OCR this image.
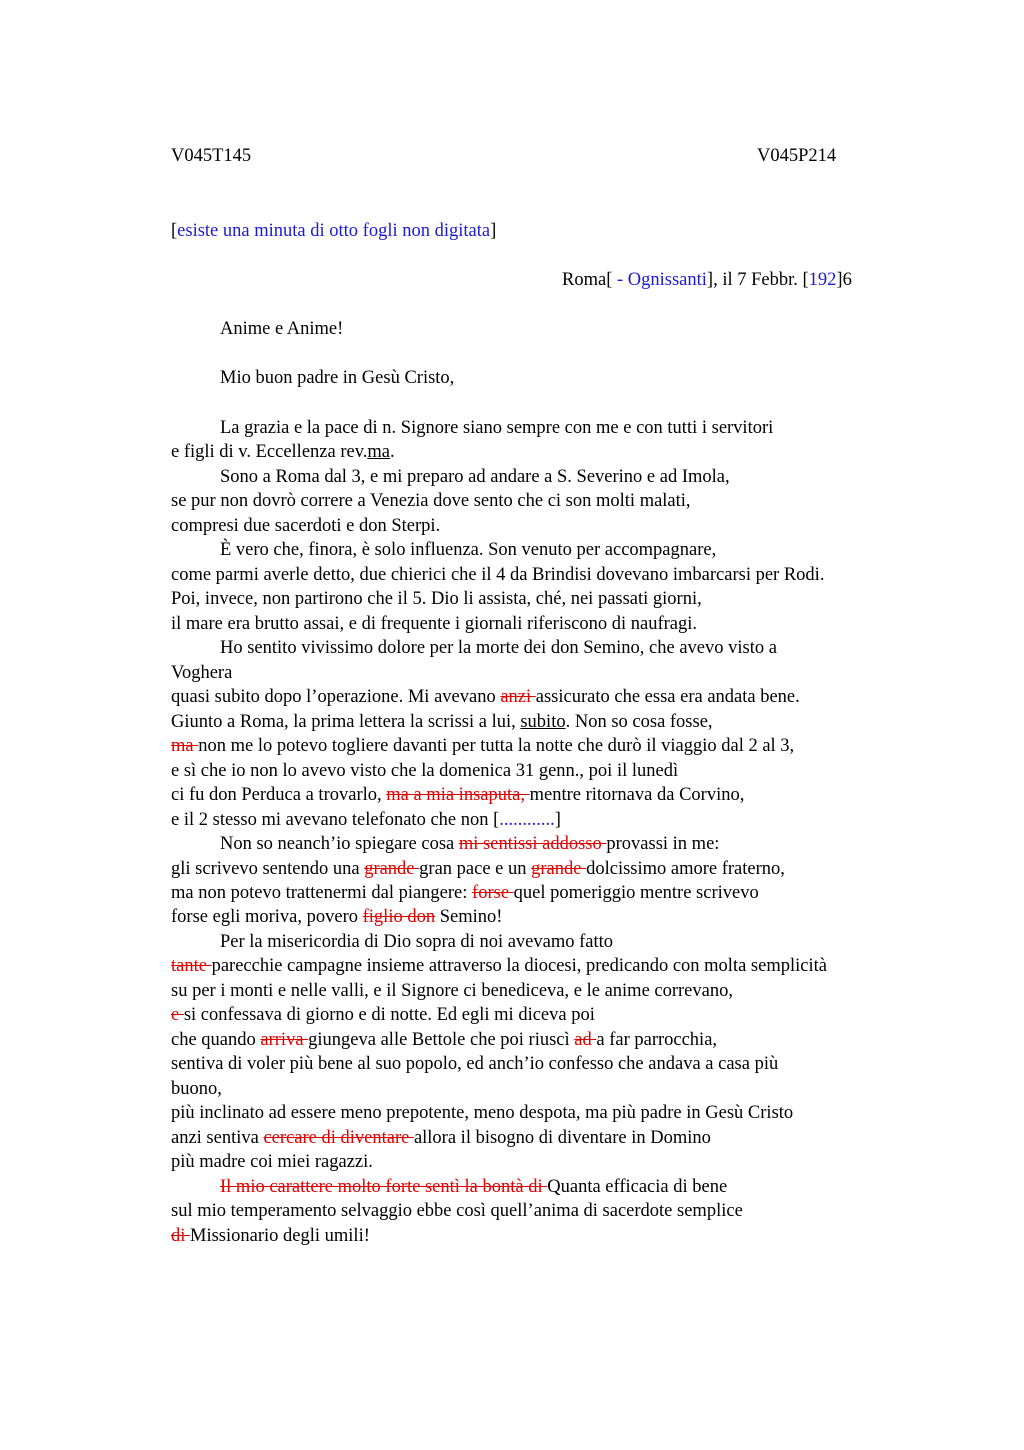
V045T145	V045P214
[esiste una minuta di otto fogli non digitata]
Roma[ - Ognissanti], il 7 Febbr. [192]6
Anime e Anime!
Mio buon padre in Gesù Cristo,
La grazia e la pace di n. Signore siano sempre con me e con tutti i servitori
e figli di v. Eccellenza rev.ma.
Sono a Roma dal 3, e mi preparo ad andare a S. Severino e ad Imola,
se pur non dovrò correre a Venezia dove sento che ci son molti malati,
compresi due sacerdoti e don Sterpi.
È vero che, finora, è solo influenza. Son venuto per accompagnare,
come parmi averle detto, due chierici che il 4 da Brindisi dovevano imbarcarsi per Rodi.
Poi, invece, non partirono che il 5. Dio li assista, ché, nei passati giorni,
il mare era brutto assai, e di frequente i giornali riferiscono di naufragi.
Ho sentito vivissimo dolore per la morte dei don Semino, che avevo visto a
Voghera
quasi subito dopo l’operazione. Mi avevano anzi assicurato che essa era andata bene.
Giunto a Roma, la prima lettera la scrissi a lui, subito. Non so cosa fosse,
ma non me lo potevo togliere davanti per tutta la notte che durò il viaggio dal 2 al 3,
e sì che io non lo avevo visto che la domenica 31 genn., poi il lunedì
ci fu don Perduca a trovarlo, ma a mia insaputa, mentre ritornava da Corvino,
e il 2 stesso mi avevano telefonato che non [............]
Non so neanch’io spiegare cosa mi sentissi addosso provassi in me:
gli scrivevo sentendo una grande gran pace e un grande dolcissimo amore fraterno,
ma non potevo trattenermi dal piangere: forse quel pomeriggio mentre scrivevo
forse egli moriva, povero figlio don Semino!
Per la misericordia di Dio sopra di noi avevamo fatto
tante parecchie campagne insieme attraverso la diocesi, predicando con molta semplicità
su per i monti e nelle valli, e il Signore ci benediceva, e le anime correvano,
e si confessava di giorno e di notte. Ed egli mi diceva poi
che quando arriva giungeva alle Bettole che poi riuscì ad a far parrocchia,
sentiva di voler più bene al suo popolo, ed anch’io confesso che andava a casa più
buono,
più inclinato ad essere meno prepotente, meno despota, ma più padre in Gesù Cristo
anzi sentiva cercare di diventare allora il bisogno di diventare in Domino
più madre coi miei ragazzi.
Il mio carattere molto forte sentì la bontà di Quanta efficacia di bene
sul mio temperamento selvaggio ebbe così quell’anima di sacerdote semplice
di Missionario degli umili!
